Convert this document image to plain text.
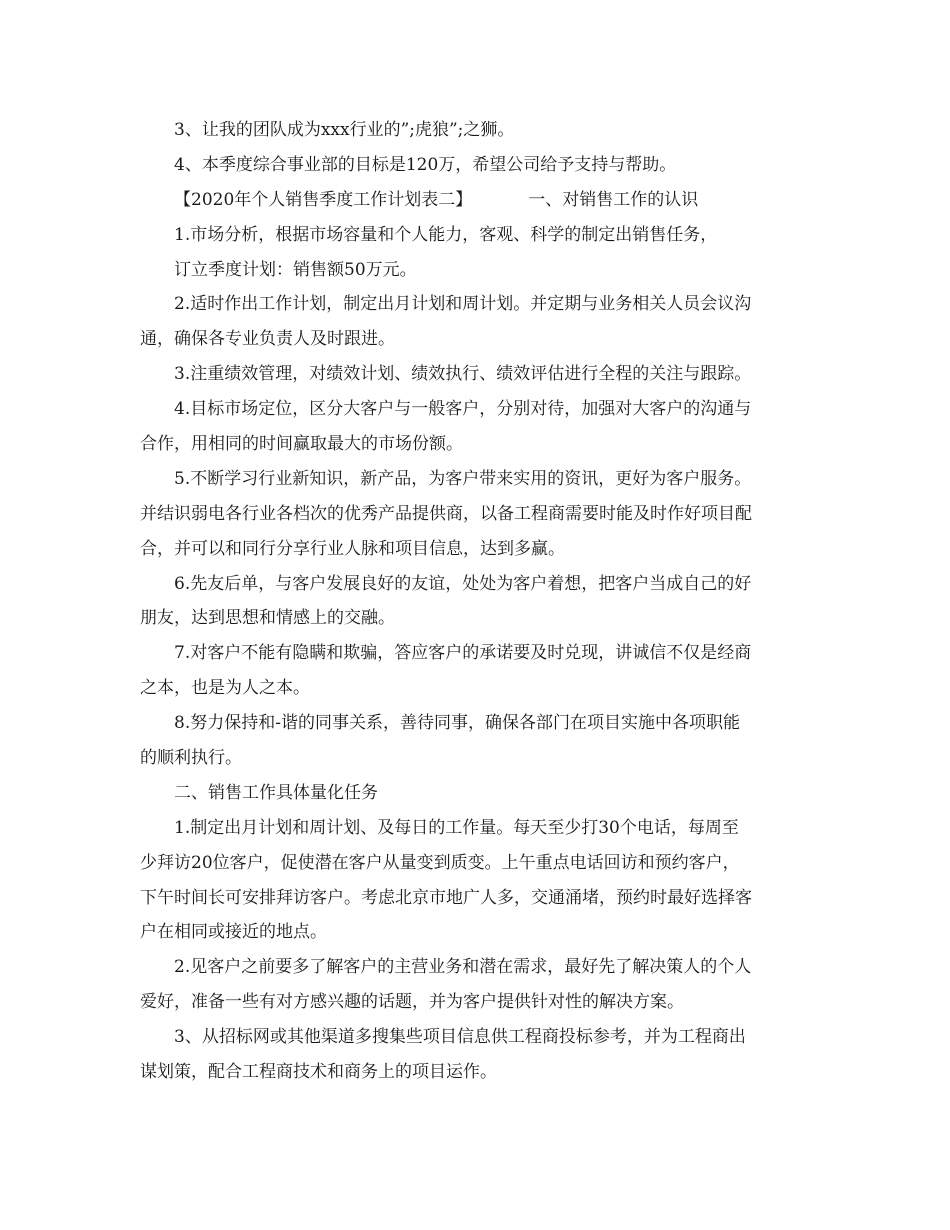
3、让我的团队成为xxx行业的”;虎狼”;之狮。
4、本季度综合事业部的目标是120万，希望公司给予支持与帮助。
【2020年个人销售季度工作计划表二】	一、对销售工作的认识
1.市场分析，根据市场容量和个人能力，客观、科学的制定出销售任务，
订立季度计划：销售额50万元。
2.适时作出工作计划，制定出月计划和周计划。并定期与业务相关人员会议沟
通，确保各专业负责人及时跟进。
3.注重绩效管理，对绩效计划、绩效执行、绩效评估进行全程的关注与跟踪。
4.目标市场定位，区分大客户与一般客户，分别对待，加强对大客户的沟通与
合作，用相同的时间赢取最大的市场份额。
5.不断学习行业新知识，新产品，为客户带来实用的资讯，更好为客户服务。
并结识弱电各行业各档次的优秀产品提供商，以备工程商需要时能及时作好项目配
合，并可以和同行分享行业人脉和项目信息，达到多赢。
6.先友后单，与客户发展良好的友谊，处处为客户着想，把客户当成自己的好
朋友，达到思想和情感上的交融。
7.对客户不能有隐瞒和欺骗，答应客户的承诺要及时兑现，讲诚信不仅是经商
之本，也是为人之本。
8.努力保持和-谐的同事关系，善待同事，确保各部门在项目实施中各项职能
的顺利执行。
二、销售工作具体量化任务
1.制定出月计划和周计划、及每日的工作量。每天至少打30个电话，每周至
少拜访20位客户，促使潜在客户从量变到质变。上午重点电话回访和预约客户，
下午时间长可安排拜访客户。考虑北京市地广人多，交通涌堵，预约时最好选择客
户在相同或接近的地点。
2.见客户之前要多了解客户的主营业务和潜在需求，最好先了解决策人的个人
爱好，准备一些有对方感兴趣的话题，并为客户提供针对性的解决方案。
3、从招标网或其他渠道多搜集些项目信息供工程商投标参考，并为工程商出
谋划策，配合工程商技术和商务上的项目运作。
